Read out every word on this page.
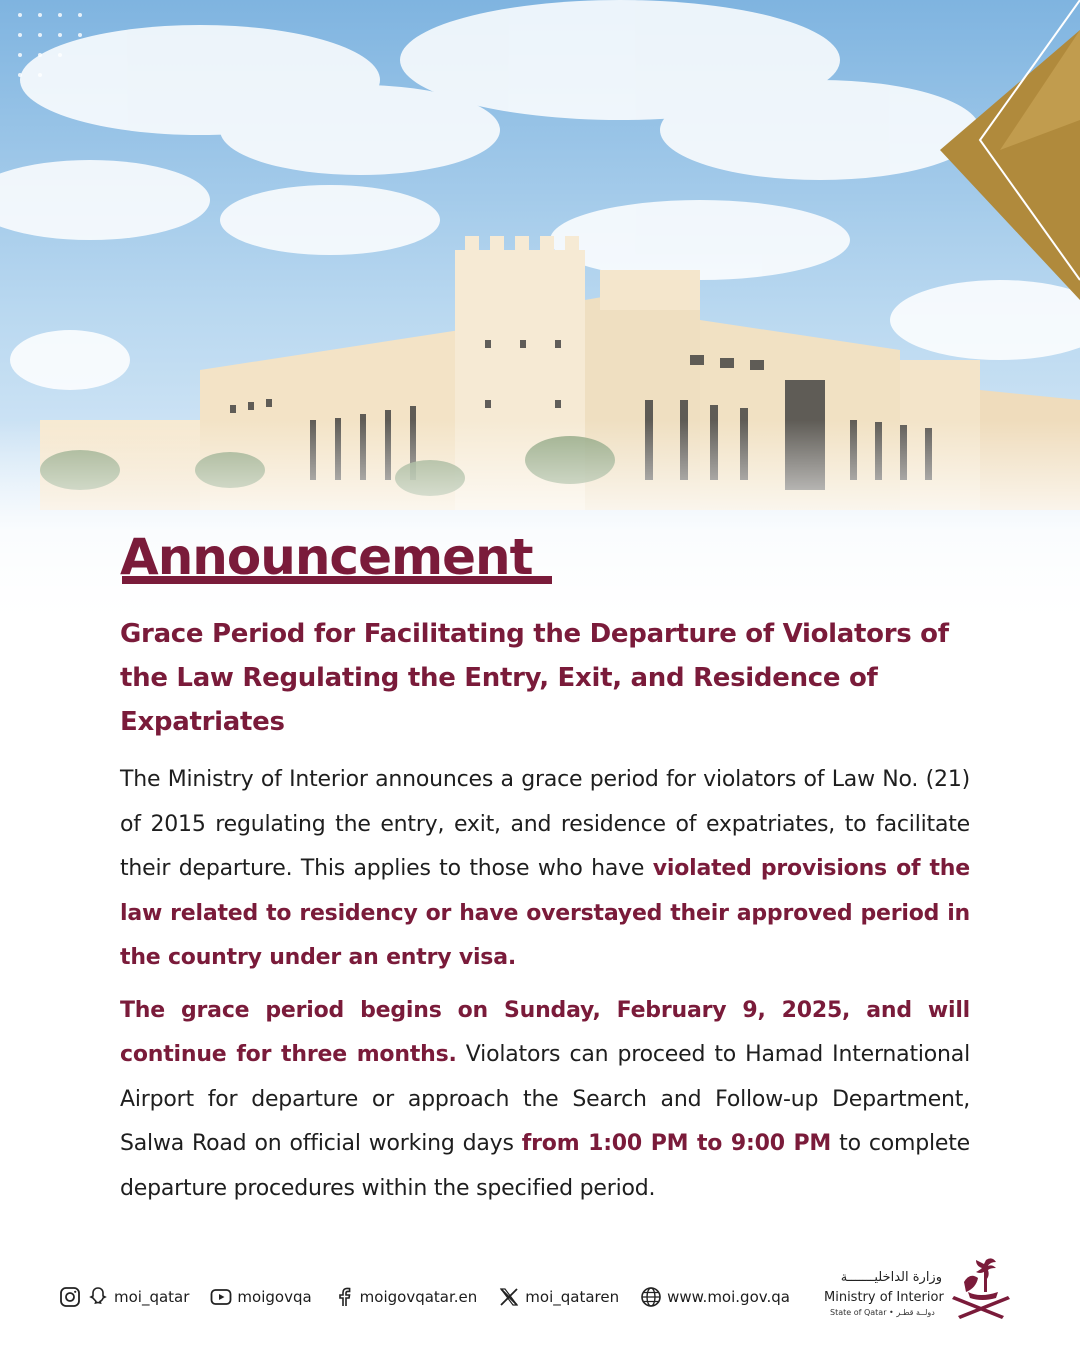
Announcement
Grace Period for Facilitating the Departure of Violators of the Law Regulating the Entry, Exit, and Residence of Expatriates

The Ministry of Interior announces a grace period for violators of Law No. (21) of 2015 regulating the entry, exit, and residence of expatriates, to facilitate their departure. This applies to those who have violated provisions of the law related to residency or have overstayed their approved period in the country under an entry visa.

The grace period begins on Sunday, February 9, 2025, and will continue for three months. Violators can proceed to Hamad International Airport for departure or approach the Search and Follow-up Department, Salwa Road on official working days from 1:00 PM to 9:00 PM to complete departure procedures within the specified period.

moi_qatar	moigovqa	moigovqatar.en	moi_qataren	www.moi.gov.qa
وزارة الداخليـــــــة
Ministry of Interior
State of Qatar • دولــة قطـر
